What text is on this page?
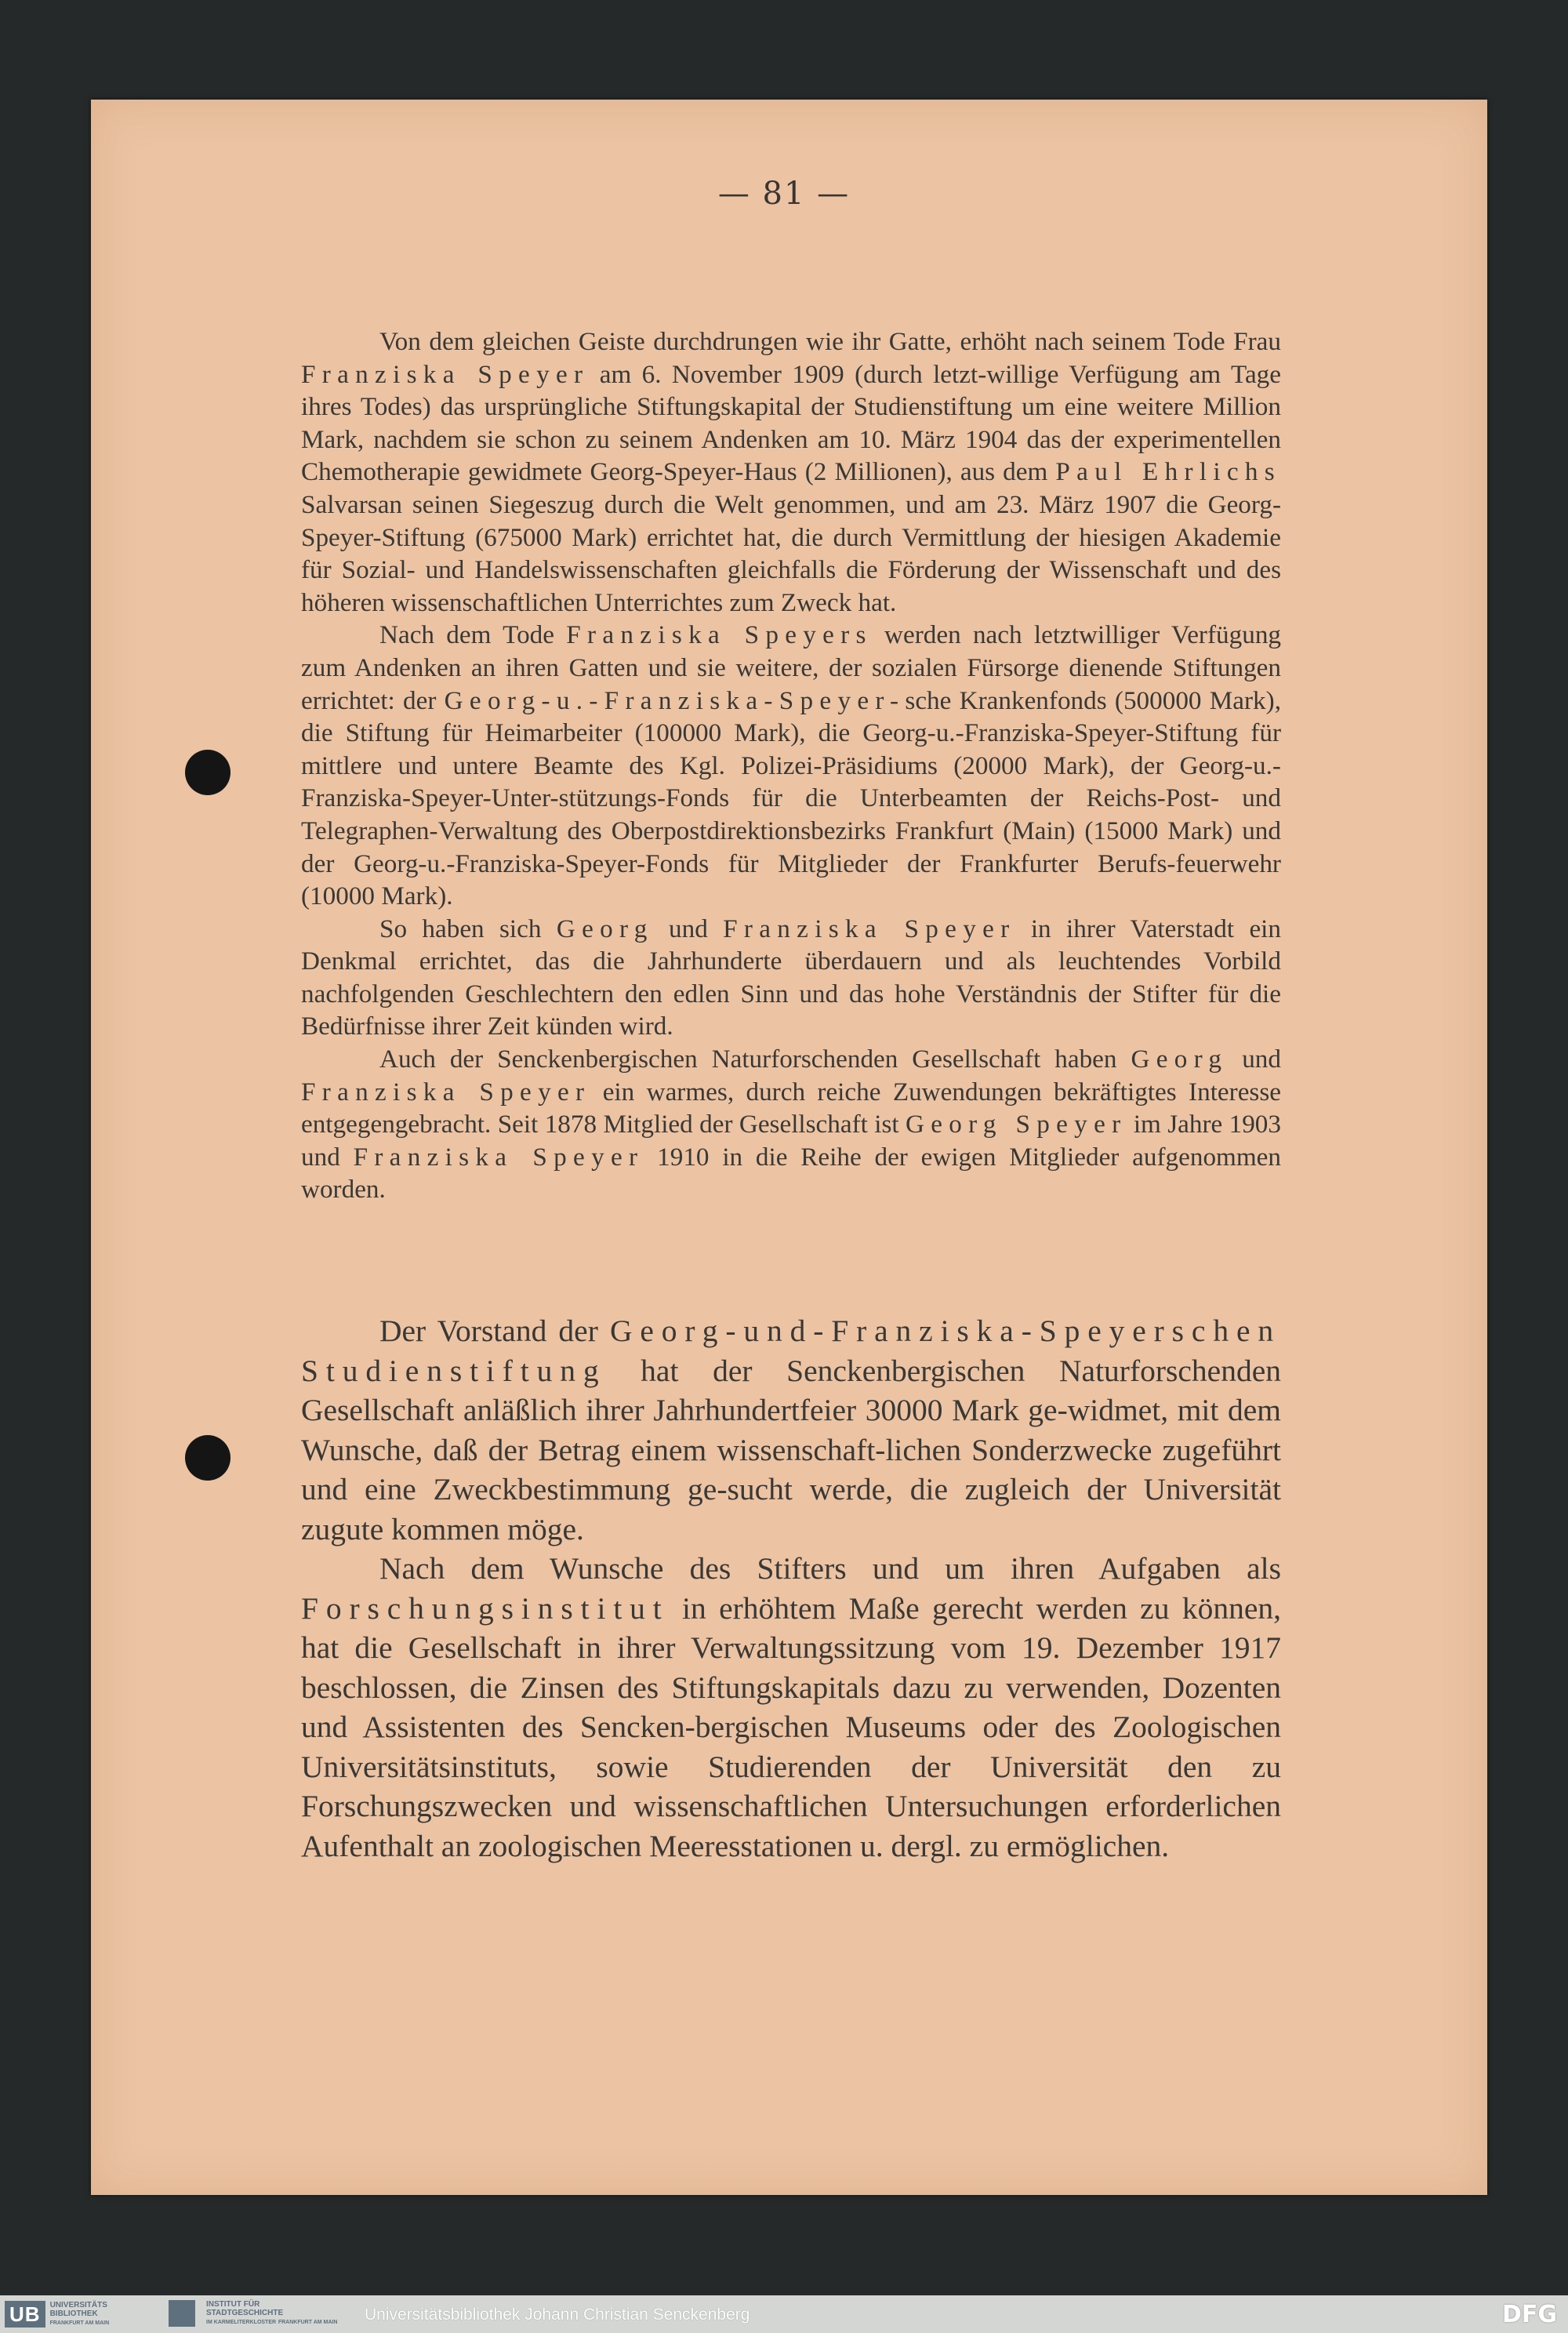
— 81 —

Von dem gleichen Geiste durchdrungen wie ihr Gatte, erhöht nach seinem Tode Frau Franziska Speyer am 6. November 1909 (durch letzt-willige Verfügung am Tage ihres Todes) das ursprüngliche Stiftungskapital der Studienstiftung um eine weitere Million Mark, nachdem sie schon zu seinem Andenken am 10. März 1904 das der experimentellen Chemotherapie gewidmete Georg-Speyer-Haus (2 Millionen), aus dem Paul Ehrlichs Salvarsan seinen Siegeszug durch die Welt genommen, und am 23. März 1907 die Georg-Speyer-Stiftung (675000 Mark) errichtet hat, die durch Vermittlung der hiesigen Akademie für Sozial- und Handelswissenschaften gleichfalls die Förderung der Wissenschaft und des höheren wissenschaftlichen Unterrichtes zum Zweck hat.

Nach dem Tode Franziska Speyers werden nach letztwilliger Verfügung zum Andenken an ihren Gatten und sie weitere, der sozialen Fürsorge dienende Stiftungen errichtet: der Georg-u.-Franziska-Speyer-sche Krankenfonds (500000 Mark), die Stiftung für Heimarbeiter (100000 Mark), die Georg-u.-Franziska-Speyer-Stiftung für mittlere und untere Beamte des Kgl. Polizei-Präsidiums (20000 Mark), der Georg-u.-Franziska-Speyer-Unter-stützungs-Fonds für die Unterbeamten der Reichs-Post- und Telegraphen-Verwaltung des Oberpostdirektionsbezirks Frankfurt (Main) (15000 Mark) und der Georg-u.-Franziska-Speyer-Fonds für Mitglieder der Frankfurter Berufs-feuerwehr (10000 Mark).

So haben sich Georg und Franziska Speyer in ihrer Vaterstadt ein Denkmal errichtet, das die Jahrhunderte überdauern und als leuchtendes Vorbild nachfolgenden Geschlechtern den edlen Sinn und das hohe Verständnis der Stifter für die Bedürfnisse ihrer Zeit künden wird.

Auch der Senckenbergischen Naturforschenden Gesellschaft haben Georg und Franziska Speyer ein warmes, durch reiche Zuwendungen bekräftigtes Interesse entgegengebracht. Seit 1878 Mitglied der Gesellschaft ist Georg Speyer im Jahre 1903 und Franziska Speyer 1910 in die Reihe der ewigen Mitglieder aufgenommen worden.

Der Vorstand der Georg-und-Franziska-Speyerschen Studienstiftung hat der Senckenbergischen Naturforschenden Gesellschaft anläßlich ihrer Jahrhundertfeier 30000 Mark ge-widmet, mit dem Wunsche, daß der Betrag einem wissenschaft-lichen Sonderzwecke zugeführt und eine Zweckbestimmung ge-sucht werde, die zugleich der Universität zugute kommen möge.

Nach dem Wunsche des Stifters und um ihren Aufgaben als Forschungsinstitut in erhöhtem Maße gerecht werden zu können, hat die Gesellschaft in ihrer Verwaltungssitzung vom 19. Dezember 1917 beschlossen, die Zinsen des Stiftungskapitals dazu zu verwenden, Dozenten und Assistenten des Sencken-bergischen Museums oder des Zoologischen Universitätsinstituts, sowie Studierenden der Universität den zu Forschungszwecken und wissenschaftlichen Untersuchungen erforderlichen Aufenthalt an zoologischen Meeresstationen u. dergl. zu ermöglichen.

UB	UNIVERSITÄTS
BIBLIOTHEK
FRANKFURT AM MAIN
INSTITUT FÜR
STADTGESCHICHTE
IM KARMELITERKLOSTER FRANKFURT AM MAIN Universitätsbibliothek Johann Christian Senckenberg	DFG
